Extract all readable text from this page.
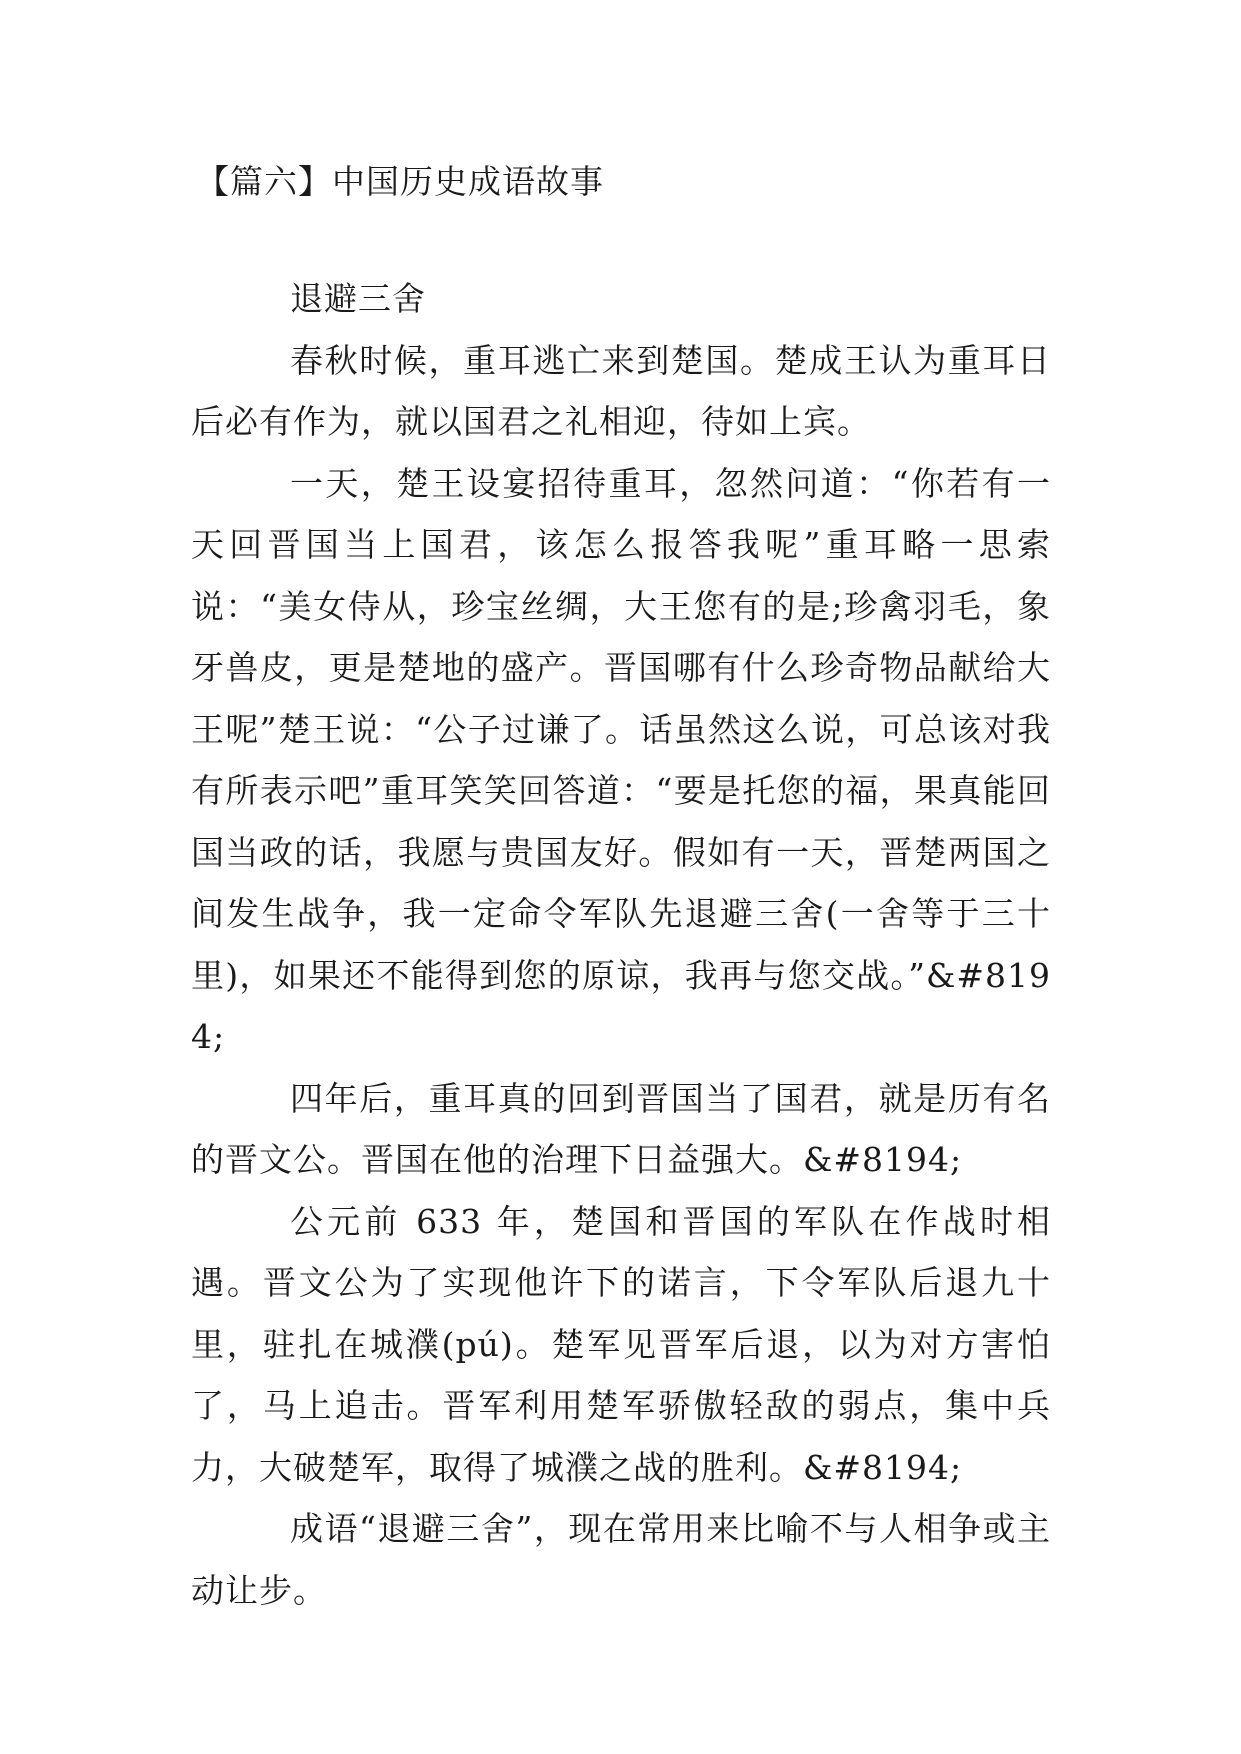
【篇六】中国历史成语故事

退避三舍

春秋时候，重耳逃亡来到楚国。楚成王认为重耳日后必有作为，就以国君之礼相迎，待如上宾。

一天，楚王设宴招待重耳，忽然问道：“你若有一天回晋国当上国君，该怎么报答我呢”重耳略一思索说：“美女侍从，珍宝丝绸，大王您有的是;珍禽羽毛，象牙兽皮，更是楚地的盛产。晋国哪有什么珍奇物品献给大王呢”楚王说：“公子过谦了。话虽然这么说，可总该对我有所表示吧”重耳笑笑回答道：“要是托您的福，果真能回国当政的话，我愿与贵国友好。假如有一天，晋楚两国之间发生战争，我一定命令军队先退避三舍(一舍等于三十里)，如果还不能得到您的原谅，我再与您交战。”&#8194;

四年后，重耳真的回到晋国当了国君，就是历有名的晋文公。晋国在他的治理下日益强大。&#8194;

公元前 633 年，楚国和晋国的军队在作战时相遇。晋文公为了实现他许下的诺言，下令军队后退九十里，驻扎在城濮(pú)。楚军见晋军后退，以为对方害怕了，马上追击。晋军利用楚军骄傲轻敌的弱点，集中兵力，大破楚军，取得了城濮之战的胜利。&#8194;

成语“退避三舍”，现在常用来比喻不与人相争或主动让步。
